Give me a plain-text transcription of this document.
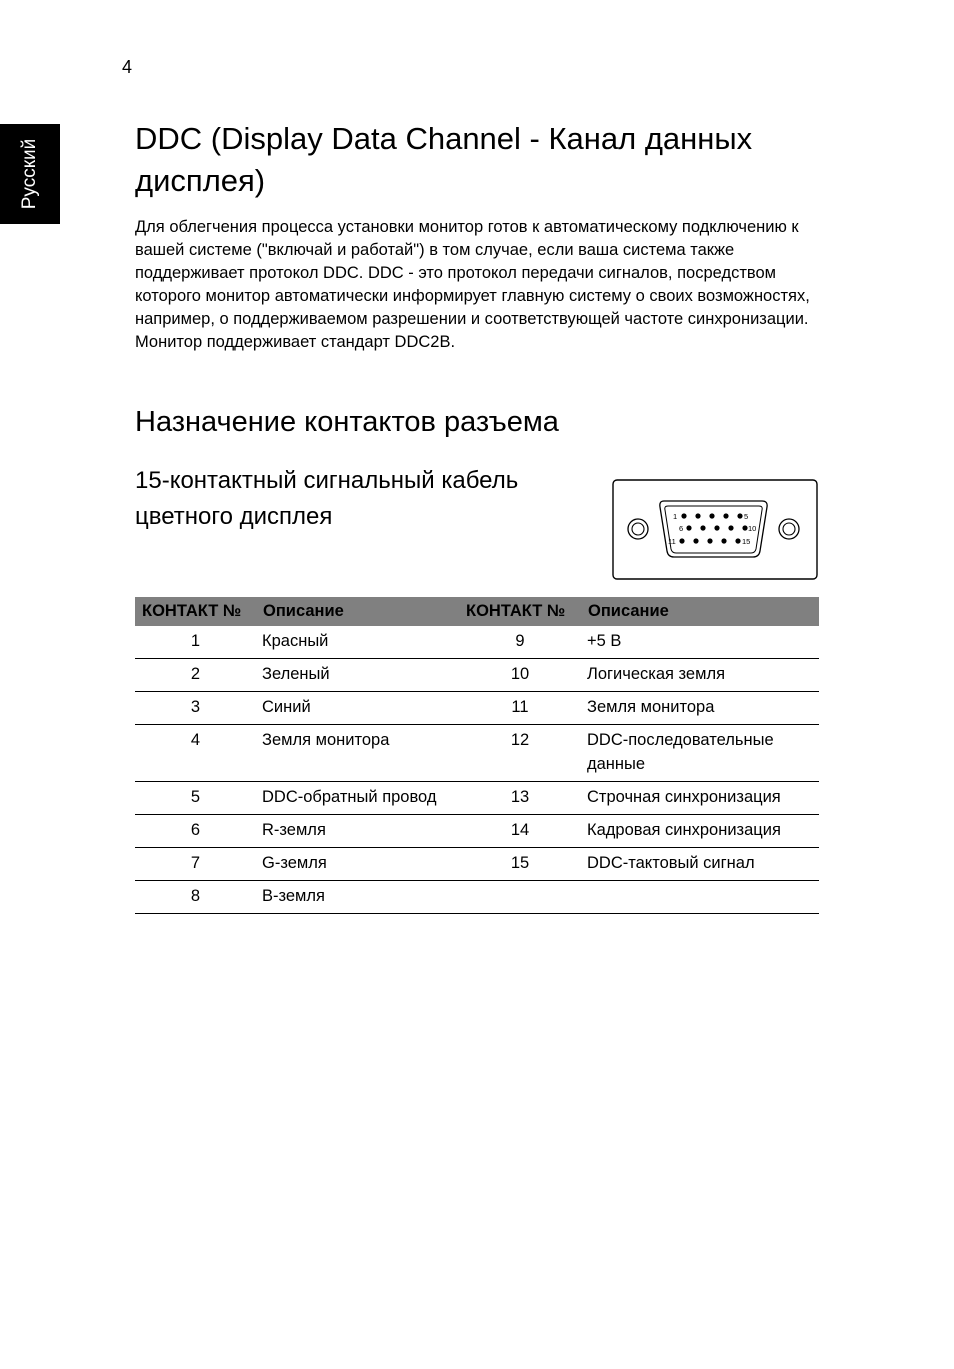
4
Русский
DDC (Display Data Channel - Канал данных дисплея)

Для облегчения процесса установки монитор готов к автоматическому подключению к вашей системе ("включай и работай") в том случае, если ваша система также поддерживает протокол DDC. DDC - это протокол передачи сигналов, посредством которого монитор автоматически информирует главную систему о своих возможностях, например, о поддерживаемом разрешении и соответствующей частоте синхронизации. Монитор поддерживает стандарт DDC2B.

Назначение контактов разъема
15-контактный сигнальный кабель цветного дисплея	1	5
6	10
11	15
КОНТАКТ №	Описание	КОНТАКТ №	Описание
1	Красный	9	+5 В
2	Зеленый	10	Логическая земля
3	Синий	11	Земля монитора
4	Земля монитора	12	DDC-последовательные данные
5	DDC-обратный провод	13	Строчная синхронизация
6	R-земля	14	Кадровая синхронизация
7	G-земля	15	DDC-тактовый сигнал
8	B-земля		
